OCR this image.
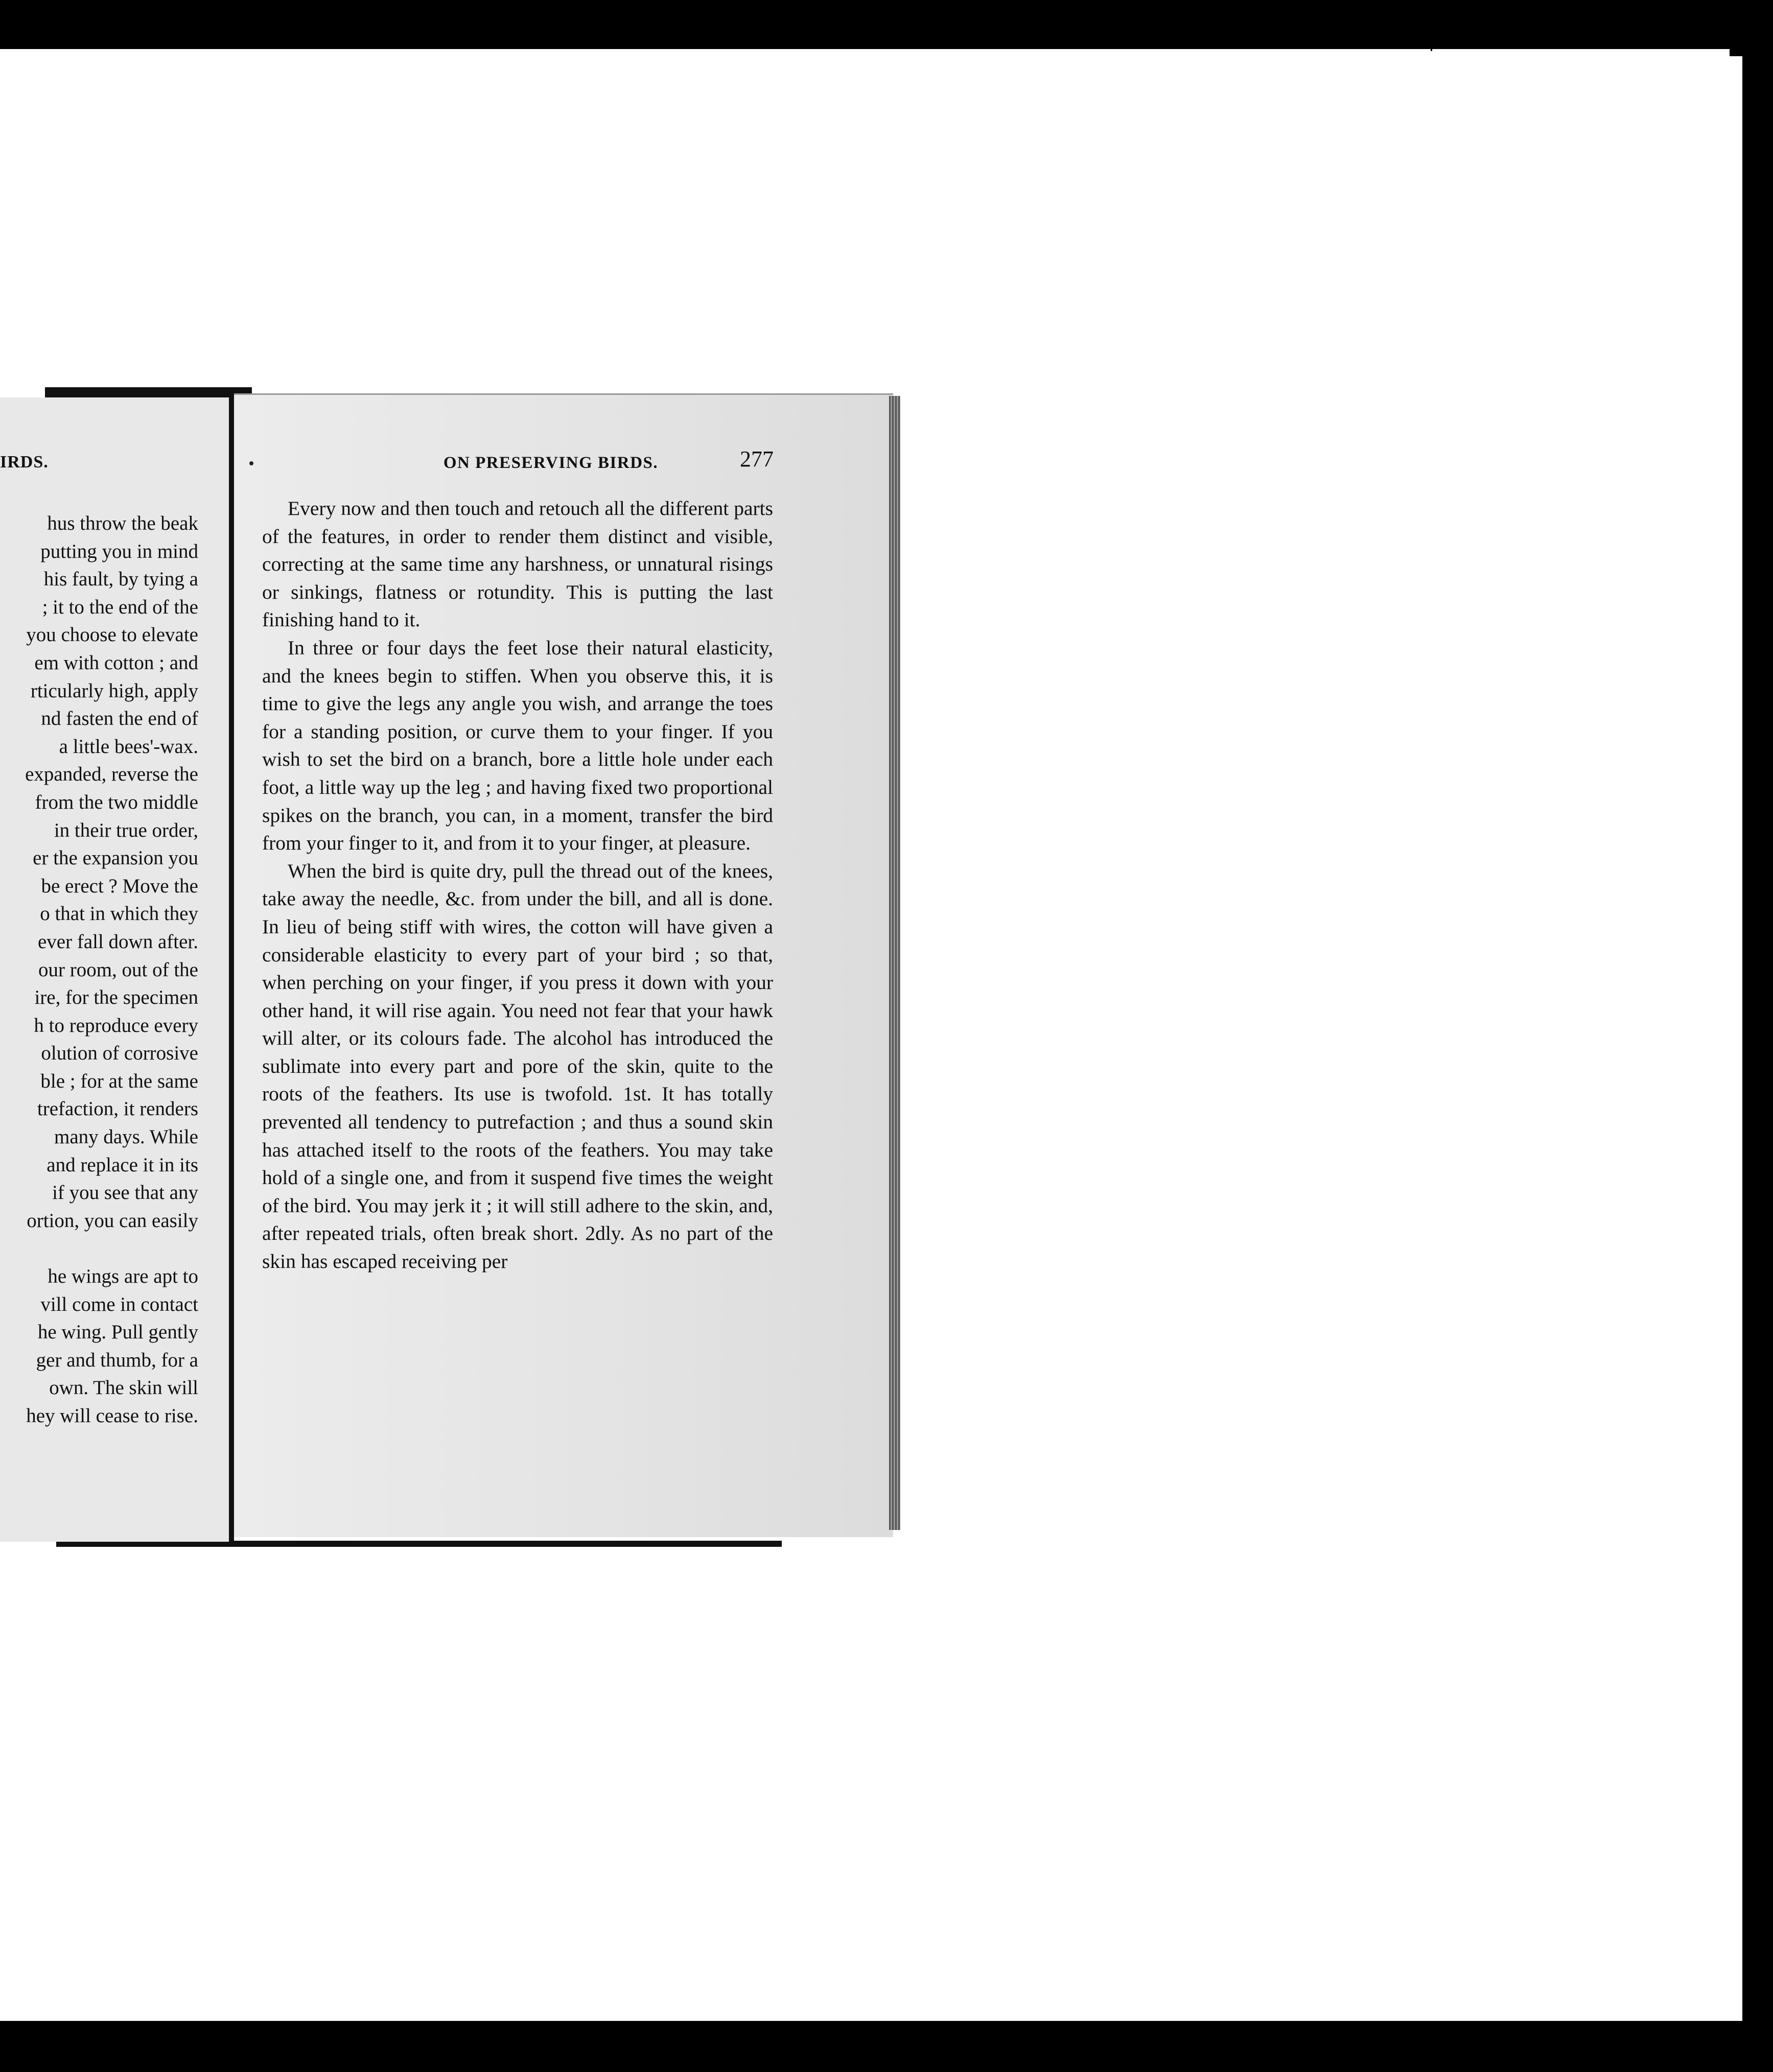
IRDS.
hus throw the beak
putting you in mind
his fault, by tying a
; it to the end of the
you choose to elevate
em with cotton ; and
rticularly high, apply
nd fasten the end of
a little bees'-wax.
expanded, reverse the
from the two middle
in their true order,
er the expansion you
be erect ? Move the
o that in which they
ever fall down after.
our room, out of the
ire, for the specimen
h to reproduce every
olution of corrosive
ble ; for at the same
trefaction, it renders
many days. While
and replace it in its
if you see that any
ortion, you can easily
he wings are apt to
vill come in contact
he wing. Pull gently
ger and thumb, for a
own. The skin will
hey will cease to rise.
ON PRESERVING BIRDS.	277

Every now and then touch and retouch all the different parts of the features, in order to render them distinct and visible, correcting at the same time any harshness, or unnatural risings or sinkings, flatness or rotundity. This is putting the last finishing hand to it.

In three or four days the feet lose their natural elasticity, and the knees begin to stiffen. When you observe this, it is time to give the legs any angle you wish, and arrange the toes for a standing position, or curve them to your finger. If you wish to set the bird on a branch, bore a little hole under each foot, a little way up the leg ; and having fixed two proportional spikes on the branch, you can, in a moment, transfer the bird from your finger to it, and from it to your finger, at pleasure.

When the bird is quite dry, pull the thread out of the knees, take away the needle, &c. from under the bill, and all is done. In lieu of being stiff with wires, the cotton will have given a considerable elasticity to every part of your bird ; so that, when perching on your finger, if you press it down with your other hand, it will rise again. You need not fear that your hawk will alter, or its colours fade. The alcohol has introduced the sublimate into every part and pore of the skin, quite to the roots of the feathers. Its use is twofold. 1st. It has totally prevented all tendency to putrefaction ; and thus a sound skin has attached itself to the roots of the feathers. You may take hold of a single one, and from it suspend five times the weight of the bird. You may jerk it ; it will still adhere to the skin, and, after repeated trials, often break short. 2dly. As no part of the skin has escaped receiving per
